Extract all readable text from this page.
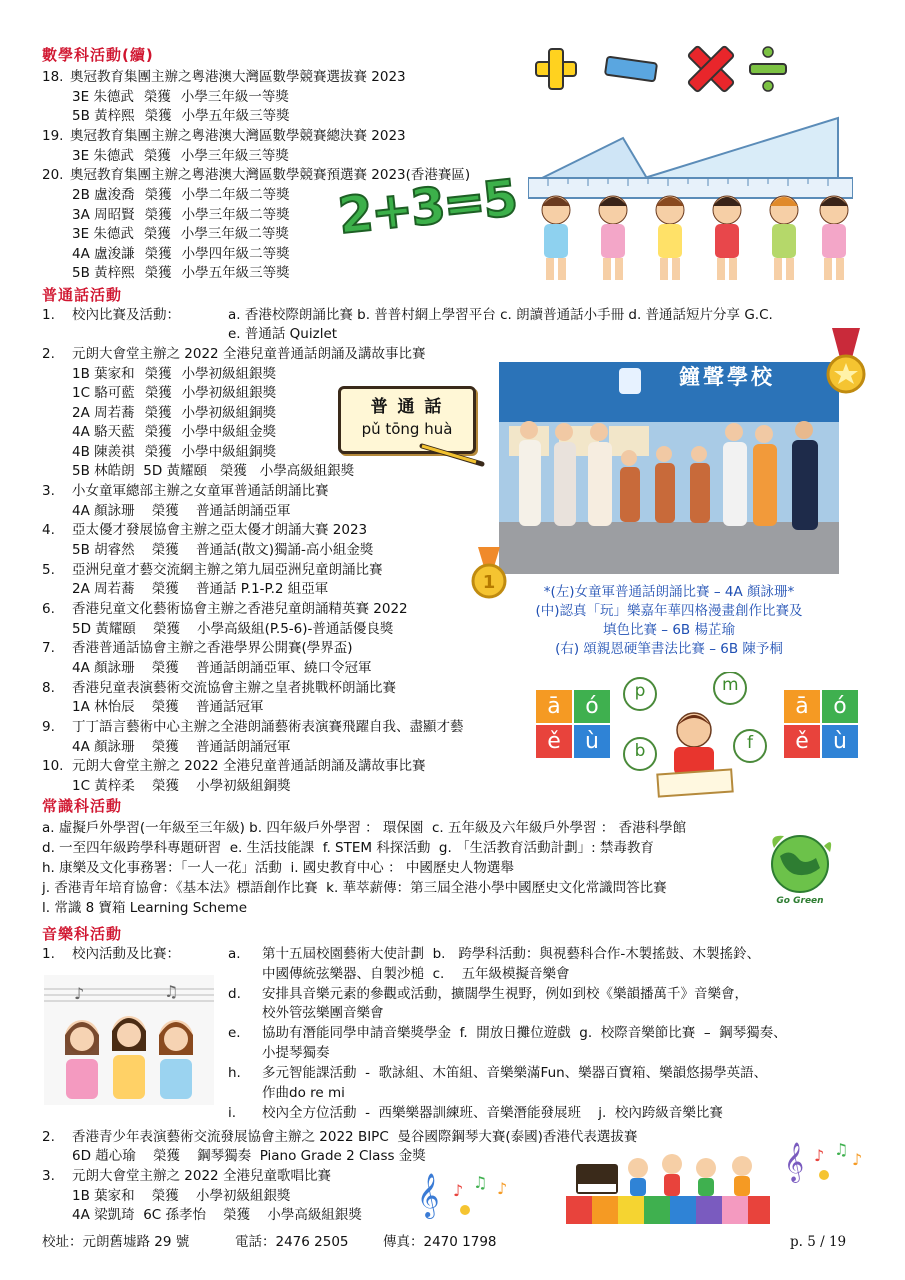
數學科活動(續)
18. 奧冠教育集團主辦之粵港澳大灣區數學競賽選拔賽 2023
3E 朱德武 榮獲 小學三年級一等獎
5B 黃梓熙 榮獲 小學五年級三等獎
19. 奧冠教育集團主辦之粵港澳大灣區數學競賽總決賽 2023
3E 朱德武 榮獲 小學三年級三等獎
20. 奧冠教育集團主辦之粵港澳大灣區數學競賽預選賽 2023(香港賽區)
2B 盧浚喬 榮獲 小學二年級二等獎
3A 周昭賢 榮獲 小學三年級二等獎
3E 朱德武 榮獲 小學三年級二等獎
4A 盧浚謙 榮獲 小學四年級二等獎
5B 黃梓熙 榮獲 小學五年級三等獎
2+3=5
普通話活動
1. 校內比賽及活動：	a. 香港校際朗誦比賽 b. 普普村網上學習平台 c. 朗讀普通話小手冊 d. 普通話短片分享 G.C.
e. 普通話 Quizlet
2. 元朗大會堂主辦之 2022 全港兒童普通話朗誦及講故事比賽
1B 葉家和 榮獲 小學初級組銀獎
1C 駱可藍 榮獲 小學初級組銀獎
2A 周若蕎 榮獲 小學初級組銅獎
4A 駱天藍 榮獲 小學中級組金獎
4B 陳羨祺 榮獲 小學中級組銅獎
5B 林皓朗  5D 黃耀頤   榮獲   小學高級組銀獎
3. 小女童軍總部主辦之女童軍普通話朗誦比賽
4A 顏詠珊    榮獲    普通話朗誦亞軍
4. 亞太優才發展協會主辦之亞太優才朗誦大賽 2023
5B 胡睿然    榮獲    普通話(散文)獨誦-高小組金獎
5. 亞洲兒童才藝交流網主辦之第九屆亞洲兒童朗誦比賽
2A 周若蕎    榮獲    普通話 P.1-P.2 組亞軍
6. 香港兒童文化藝術協會主辦之香港兒童朗誦精英賽 2022
5D 黃耀頤    榮獲    小學高級組(P.5-6)-普通話優良獎
7. 香港普通話協會主辦之香港學界公開賽(學界盃)
4A 顏詠珊    榮獲    普通話朗誦亞軍、繞口令冠軍
8. 香港兒童表演藝術交流協會主辦之皇者挑戰杯朗誦比賽
1A 林怡辰    榮獲    普通話冠軍
9. 丁丁語言藝術中心主辦之全港朗誦藝術表演賽飛躍自我、盡顯才藝
4A 顏詠珊    榮獲    普通話朗誦冠軍
10. 元朗大會堂主辦之 2022 全港兒童普通話朗誦及講故事比賽
1C 黃梓柔    榮獲    小學初級組銅獎
普 通 話
pǔ tōng huà
鐘聲學校
1	*(左)女童軍普通話朗誦比賽 – 4A 顏詠珊*
(中)認真「玩」樂嘉年華四格漫畫創作比賽及
填色比賽 – 6B 楊芷瑜
(右) 頌親恩硬筆書法比賽 – 6B 陳予桐
ā	ó
ě	ù
ā	ó
ě	ù
p	m
b	f
常識科活動
a. 虛擬戶外學習(一年級至三年級) b. 四年級戶外學習 ： 環保園  c. 五年級及六年級戶外學習 ： 香港科學館
d. 一至四年級跨學科專題研習  e. 生活技能課  f. STEM 科探活動  g. 「生活教育活動計劃」: 禁毒教育
h. 康樂及文化事務署：「一人一花」活動  i. 國史教育中心 ： 中國歷史人物選舉
j. 香港青年培育協會：《基本法》標語創作比賽  k. 華萃薪傳：第三屆全港小學中國歷史文化常識問答比賽
l. 常識 8 寶箱 Learning Scheme	Go Green
音樂科活動
1. 校內活動及比賽：	a. 第十五屆校園藝術大使計劃  b.   跨學科活動：與視藝科合作-木製搖鼓、木製搖鈴、
中國傳統弦樂器、自製沙槌  c.    五年級模擬音樂會
d. 安排具音樂元素的參觀或活動，擴闊學生視野，例如到校《樂韻播萬千》音樂會，
校外管弦樂團音樂會
e. 協助有潛能同學申請音樂獎學金  f.  開放日攤位遊戲  g.  校際音樂節比賽  –  鋼琴獨奏、
小提琴獨奏
h. 多元智能課活動  -  歌詠組、木笛組、音樂樂滿Fun、樂器百寶箱、樂韻悠揚學英語、
作曲do re mi
i. 校內全方位活動  -  西樂樂器訓練班、音樂潛能發展班    j.  校內跨級音樂比賽
2. 香港青少年表演藝術交流發展協會主辦之 2022 BIPC  曼谷國際鋼琴大賽(泰國)香港代表選拔賽
6D 趙心瑜    榮獲    鋼琴獨奏  Piano Grade 2 Class 金獎
3. 元朗大會堂主辦之 2022 全港兒童歌唱比賽
1B 葉家和    榮獲    小學初級組銀獎
4A 梁凱琦  6C 孫孝怡    榮獲    小學高級組銀獎
♪	♫
𝄞 ♪ ♫
♪
𝄞 ♪ ♫ ♪
校址：元朗舊墟路 29 號	電話：2476 2505	傳真：2470 1798	p. 5 / 19
